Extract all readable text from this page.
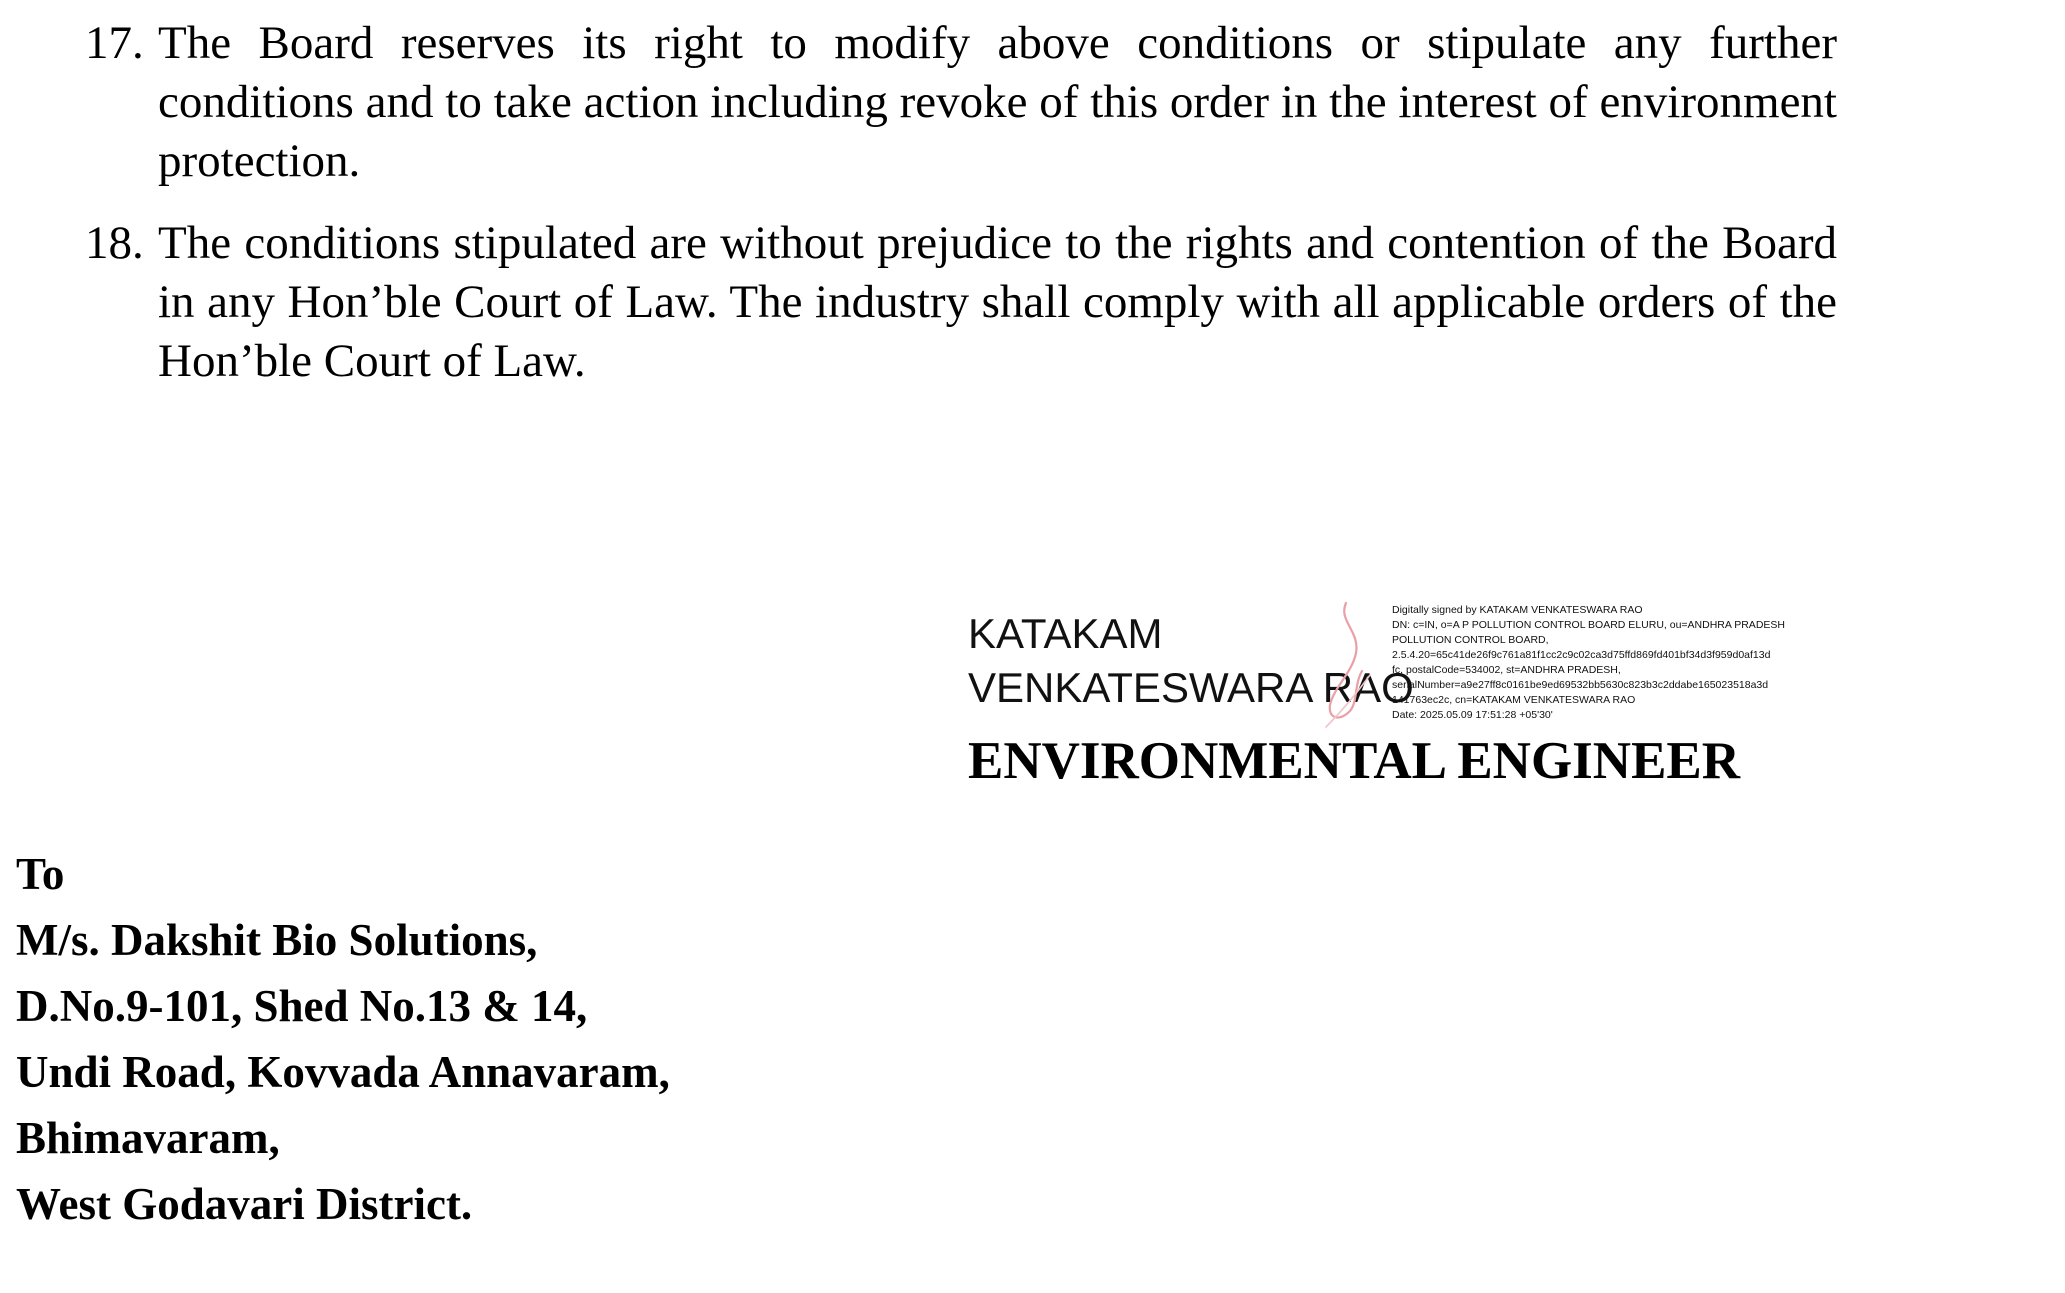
17. The Board reserves its right to modify above conditions or stipulate any further conditions and to take action including revoke of this order in the interest of environment protection.
18. The conditions stipulated are without prejudice to the rights and contention of the Board in any Hon’ble Court of Law. The industry shall comply with all applicable orders of the Hon’ble Court of Law.
KATAKAM
VENKATESWARA RAO
Digitally signed by KATAKAM VENKATESWARA RAO
DN: c=IN, o=A P POLLUTION CONTROL BOARD ELURU, ou=ANDHRA PRADESH
POLLUTION CONTROL BOARD,
2.5.4.20=65c41de26f9c761a81f1cc2c9c02ca3d75ffd869fd401bf34d3f959d0af13d
fc, postalCode=534002, st=ANDHRA PRADESH,
serialNumber=a9e27ff8c0161be9ed69532bb5630c823b3c2ddabe165023518a3d
141763ec2c, cn=KATAKAM VENKATESWARA RAO
Date: 2025.05.09 17:51:28 +05'30'
ENVIRONMENTAL ENGINEER
To
M/s. Dakshit Bio Solutions,
D.No.9-101, Shed No.13 & 14,
Undi Road, Kovvada Annavaram,
Bhimavaram,
West Godavari District.
